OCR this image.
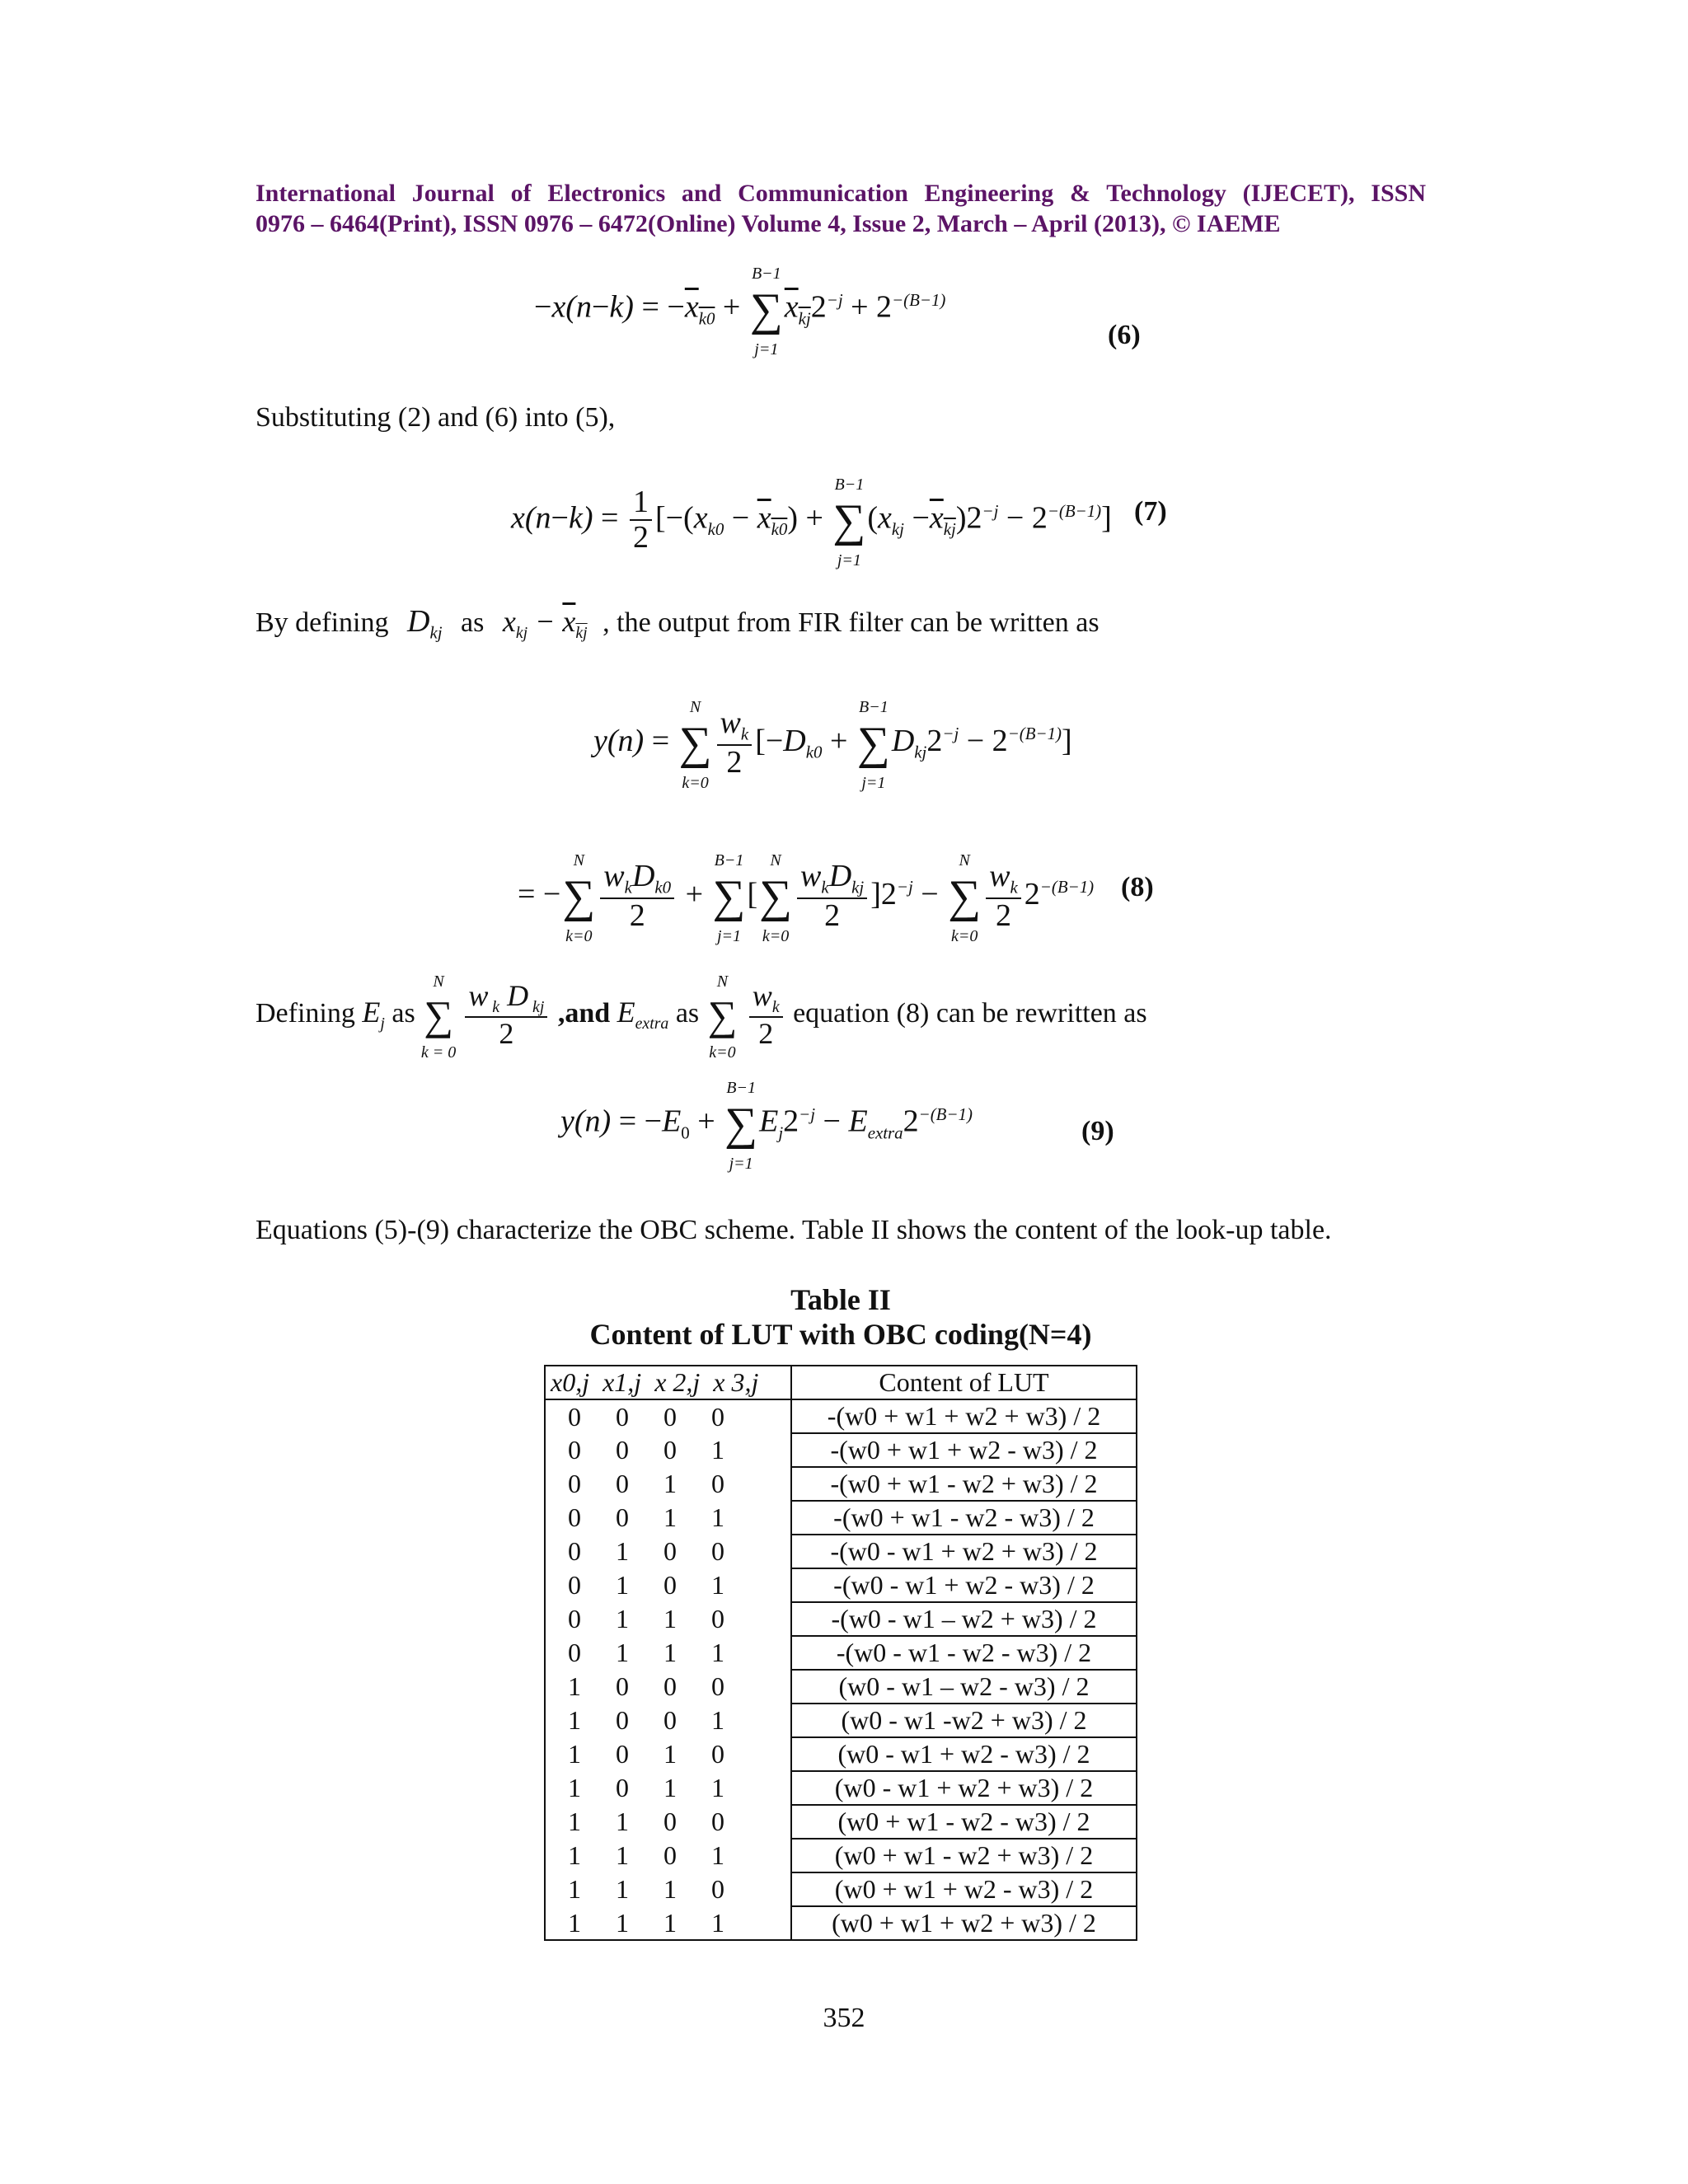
International Journal of Electronics and Communication Engineering & Technology (IJECET), ISSN
0976 – 6464(Print), ISSN 0976 – 6472(Online) Volume 4, Issue 2, March – April (2013), © IAEME
$-x(n-k) = -\overline{x}_{k0}$ + ∑
B−1
j=1
$\overline{x}_{\overline{kj}}2^{-j} + 2^{-(B-1)}$
(6)
Substituting (2) and (6) into (5),
$x(n-k) = \frac{1}{2} [-(x_{k0} - \overline{x}_{k0})$ + ∑
B−1
j=1
$(x_{kj} -\overline{x}_{\overline{kj}})2^{-j} - 2^{-(B-1)}$] (7)
By defining $D_{kj}$ as $x_{kj} - \overline{x}_{\overline{kj}}$ , the output from FIR filter can be written as
y(n) = ∑
N
k=0
$\frac{w_k}{2} [-D_{k0}$ + ∑
B−1
j=1
$D_{kj}2^{-j} - 2^{-(B-1)}$]
= −∑
N
k=0
$\frac{w_kD_{k0}}{2}$ + ∑
B−1
j=1
[∑
N
k=0
$\frac{w_kD_{kj}}{2} ]2^{-j}$ − ∑
N
k=0
$\frac{w_k}{2} 2^{-(B-1)}$ (8)
Defining $E_j$ as ∑
N
k = 0

$\frac{w _k D _{kj}}{2} ,and$ $E_{extra}$ as ∑
N
k=0

$\frac{w_k}{2}$ equation (8) can be rewritten as
$y(n) = -E_0$ + ∑
B−1
j=1
$E_j2^{-j} - E_{extra}2^{-(B-1)}$
(9)
Equations (5)-(9) characterize the OBC scheme. Table II shows the content of the look-up table.
Table II
Content of LUT with OBC coding(N=4)
x0,j x1,j x 2,j x 3,j	Content of LUT
0 0 0 0	-(w0 + w1 + w2 + w3) / 2
0 0 0 1	-(w0 + w1 + w2 - w3) / 2
0 0 1 0	-(w0 + w1 - w2 + w3) / 2
0 0 1 1	-(w0 + w1 - w2 - w3) / 2
0 1 0 0	-(w0 - w1 + w2 + w3) / 2
0 1 0 1	-(w0 - w1 + w2 - w3) / 2
0 1 1 0	-(w0 - w1 – w2 + w3) / 2
0 1 1 1	-(w0 - w1 - w2 - w3) / 2
1 0 0 0	(w0 - w1 – w2 - w3) / 2
1 0 0 1	(w0 - w1 -w2 + w3) / 2
1 0 1 0	(w0 - w1 + w2 - w3) / 2
1 0 1 1	(w0 - w1 + w2 + w3) / 2
1 1 0 0	(w0 + w1 - w2 - w3) / 2
1 1 0 1	(w0 + w1 - w2 + w3) / 2
1 1 1 0	(w0 + w1 + w2 - w3) / 2
1 1 1 1	(w0 + w1 + w2 + w3) / 2
352
